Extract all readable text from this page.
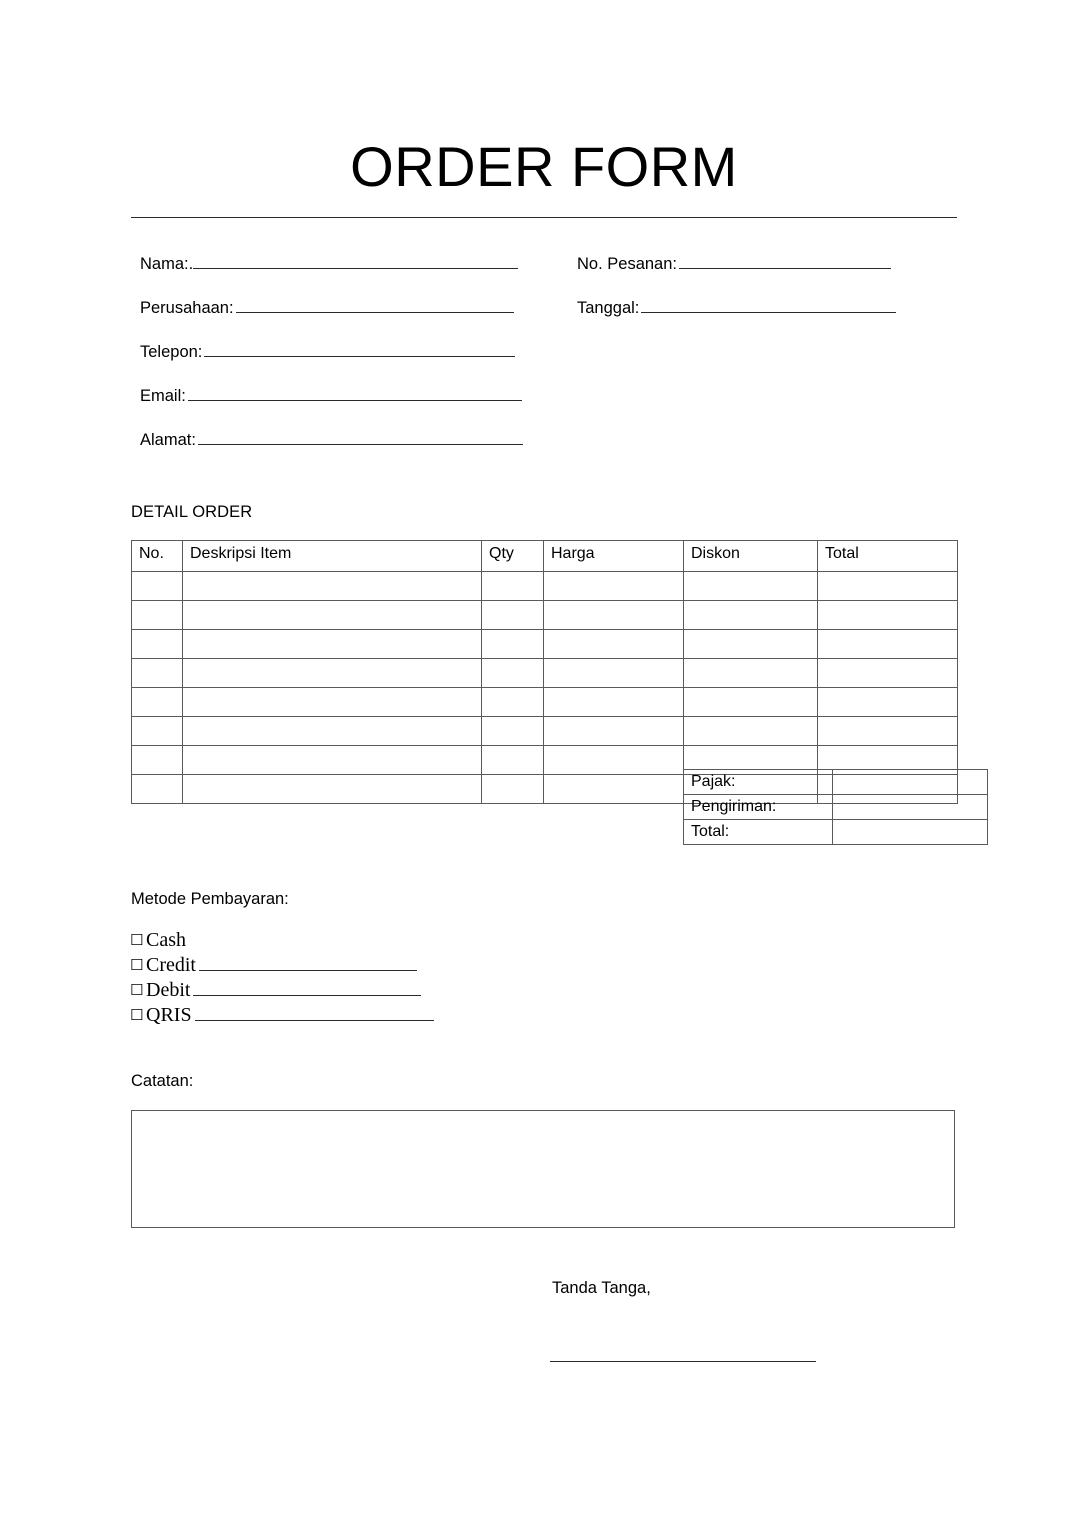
ORDER FORM
Nama:.
Perusahaan:
Telepon:
Email:
Alamat:
No. Pesanan:
Tanggal:
DETAIL ORDER
No.	Deskripsi Item	Qty	Harga	Diskon	Total

Pajak:	
Pengiriman:	
Total:	
Metode Pembayaran:
☐ Cash
☐ Credit
☐ Debit
☐ QRIS
Catatan:
Tanda Tanga,
